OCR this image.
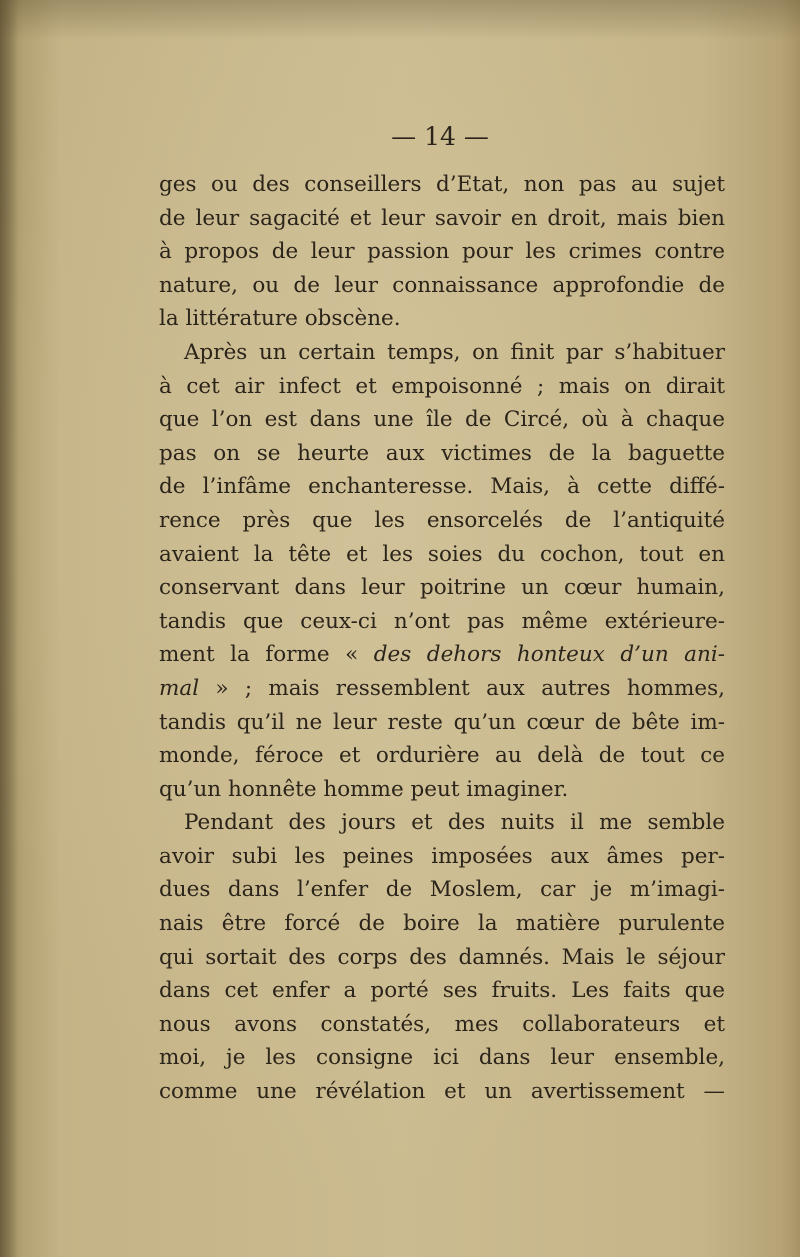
— 14 —
ges ou des conseillers d’Etat, non pas au sujet
de leur sagacité et leur savoir en droit, mais bien
à propos de leur passion pour les crimes contre
nature, ou de leur connaissance approfondie de
la littérature obscène.
Après un certain temps, on finit par s’habituer
à cet air infect et empoisonné ; mais on dirait
que l’on est dans une île de Circé, où à chaque
pas on se heurte aux victimes de la baguette
de l’infâme enchanteresse. Mais, à cette diffé-
rence près que les ensorcelés de l’antiquité
avaient la tête et les soies du cochon, tout en
conservant dans leur poitrine un cœur humain,
tandis que ceux-ci n’ont pas même extérieure-
ment la forme « des dehors honteux d’un ani-
mal » ; mais ressemblent aux autres hommes,
tandis qu’il ne leur reste qu’un cœur de bête im-
monde, féroce et ordurière au delà de tout ce
qu’un honnête homme peut imaginer.
Pendant des jours et des nuits il me semble
avoir subi les peines imposées aux âmes per-
dues dans l’enfer de Moslem, car je m’imagi-
nais être forcé de boire la matière purulente
qui sortait des corps des damnés. Mais le séjour
dans cet enfer a porté ses fruits. Les faits que
nous avons constatés, mes collaborateurs et
moi, je les consigne ici dans leur ensemble,
comme une révélation et un avertissement —
